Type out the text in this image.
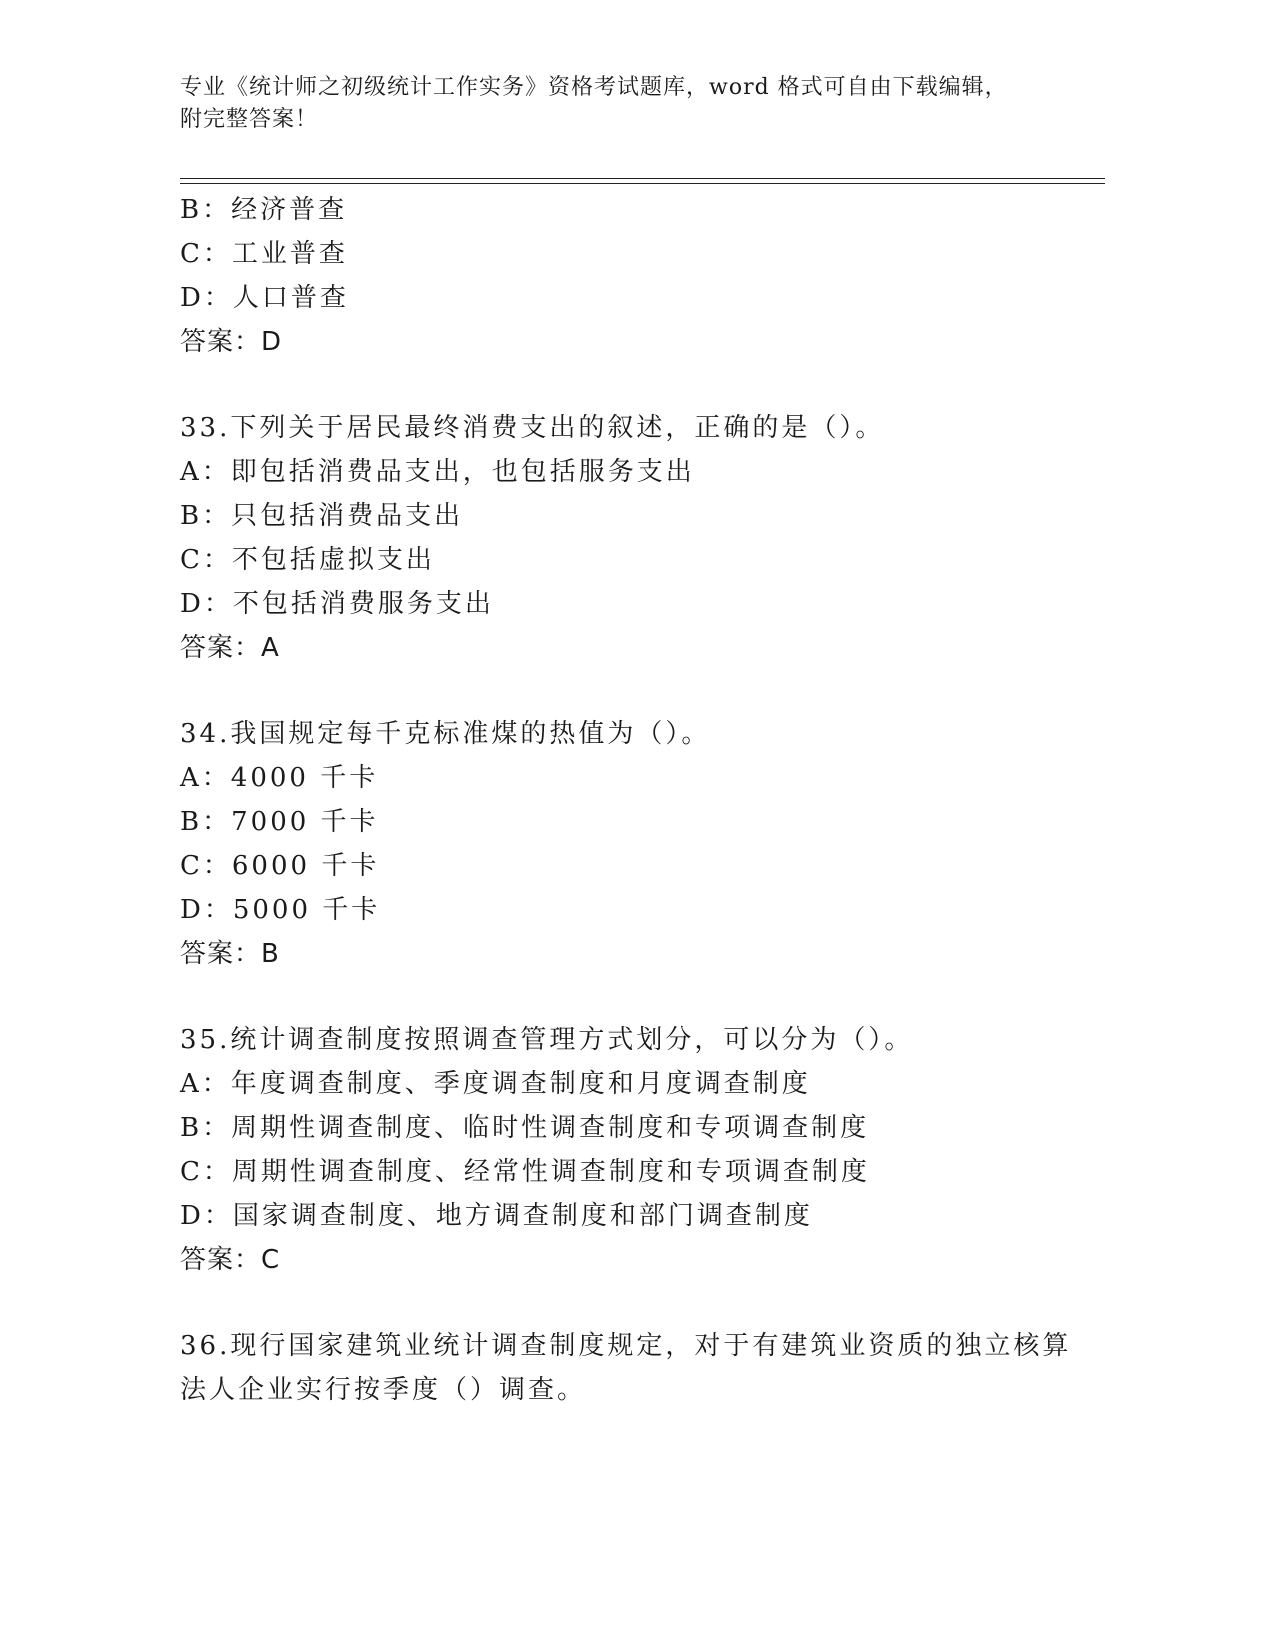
专业《统计师之初级统计工作实务》资格考试题库，word 格式可自由下载编辑，
附完整答案！
B：经济普查
C：工业普查
D：人口普查
答案：D
33.下列关于居民最终消费支出的叙述，正确的是（）。
A：即包括消费品支出，也包括服务支出
B：只包括消费品支出
C：不包括虚拟支出
D：不包括消费服务支出
答案：A
34.我国规定每千克标准煤的热值为（）。
A：4000 千卡
B：7000 千卡
C：6000 千卡
D：5000 千卡
答案：B
35.统计调查制度按照调查管理方式划分，可以分为（）。
A：年度调查制度、季度调查制度和月度调查制度
B：周期性调查制度、临时性调查制度和专项调查制度
C：周期性调查制度、经常性调查制度和专项调查制度
D：国家调查制度、地方调查制度和部门调查制度
答案：C
36.现行国家建筑业统计调查制度规定，对于有建筑业资质的独立核算
法人企业实行按季度（）调查。
